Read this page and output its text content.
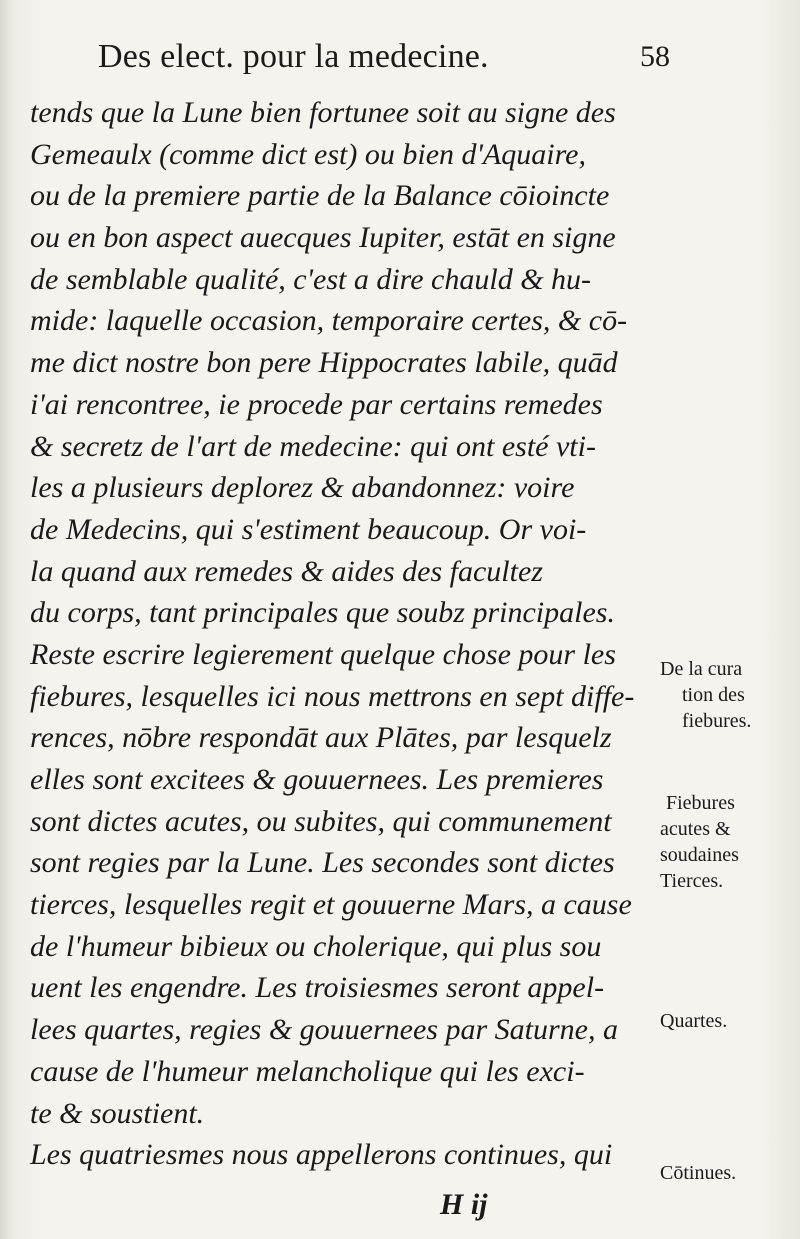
Des elect. pour la medecine.	58
tends que la Lune bien fortunee soit au signe des
Gemeaulx (comme dict est) ou bien d'Aquaire,
ou de la premiere partie de la Balance cōioincte
ou en bon aspect auecques Iupiter, estāt en signe
de semblable qualité, c'est a dire chauld & hu-
mide: laquelle occasion, temporaire certes, & cō-
me dict nostre bon pere Hippocrates labile, quād
i'ai rencontree, ie procede par certains remedes
& secretz de l'art de medecine: qui ont esté vti-
les a plusieurs deplorez & abandonnez: voire
de Medecins, qui s'estiment beaucoup. Or voi-
la quand aux remedes & aides des facultez
du corps, tant principales que soubz principales.
Reste escrire legierement quelque chose pour les
fiebures, lesquelles ici nous mettrons en sept diffe-
rences, nōbre respondāt aux Plātes, par lesquelz
elles sont excitees & gouuernees. Les premieres
sont dictes acutes, ou subites, qui communement
sont regies par la Lune. Les secondes sont dictes
tierces, lesquelles regit et gouuerne Mars, a cause
de l'humeur bibieux ou cholerique, qui plus sou
uent les engendre. Les troisiesmes seront appel-
lees quartes, regies & gouuernees par Saturne, a
cause de l'humeur melancholique qui les exci-
te & soustient.
Les quatriesmes nous appellerons continues, qui
De la cura
tion des
fiebures.
Fiebures
acutes &
soudaines
Tierces.
Quartes.
Cōtinues.
H ij
